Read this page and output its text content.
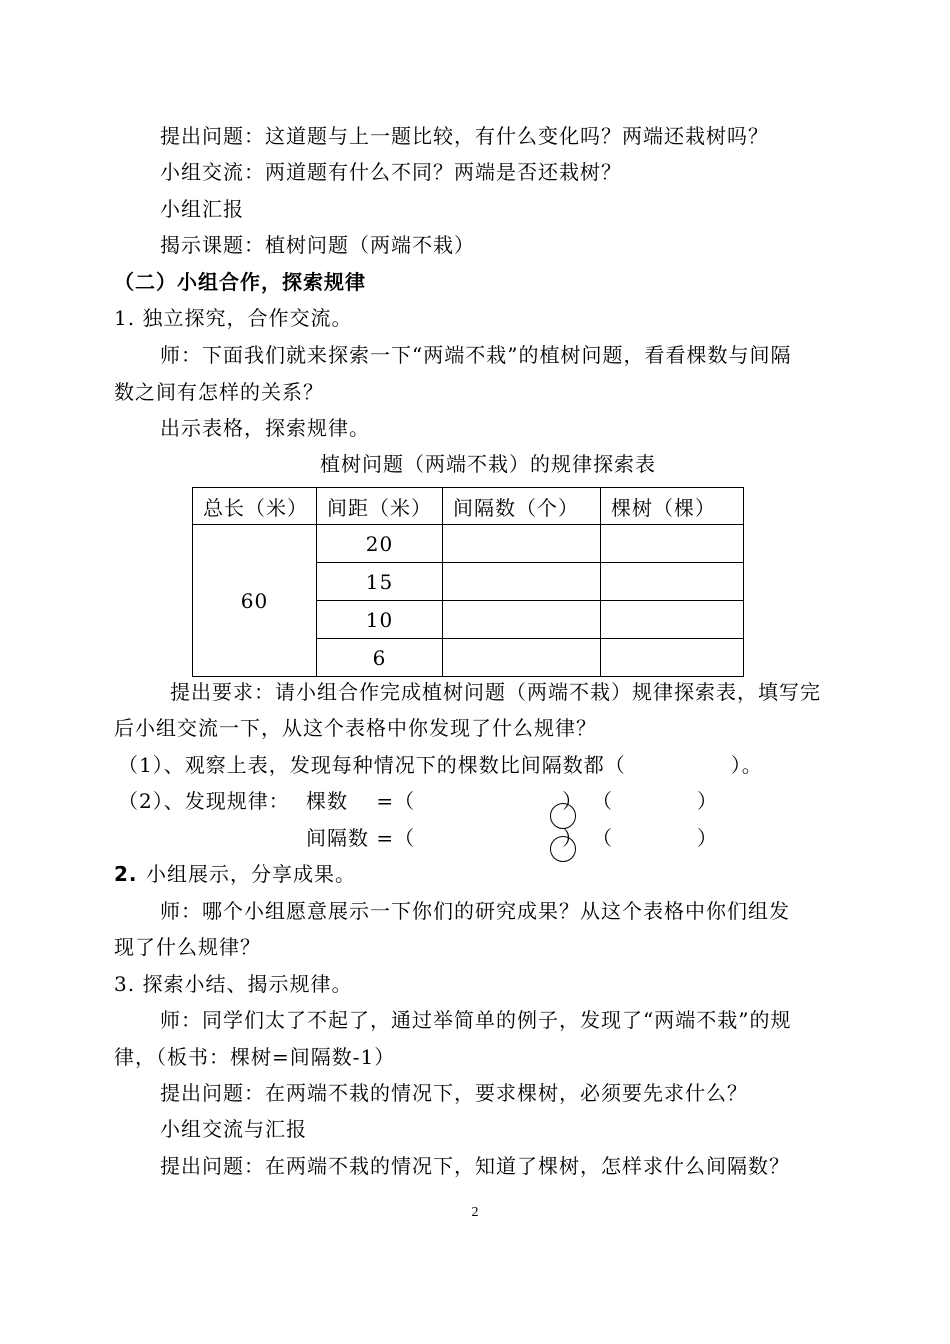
提出问题：这道题与上一题比较，有什么变化吗？两端还栽树吗？
小组交流：两道题有什么不同？两端是否还栽树？
小组汇报
揭示课题：植树问题（两端不栽）
（二）小组合作，探索规律
1. 独立探究，合作交流。
师：下面我们就来探索一下“两端不栽”的植树问题，看看棵数与间隔
数之间有怎样的关系？
出示表格，探索规律。
植树问题（两端不栽）的规律探索表
总长（米）	间距（米）	间隔数（个）	棵树（棵）
60	20		
	15		
	10		
	6		
提出要求：请小组合作完成植树问题（两端不栽）规律探索表，填写完
后小组交流一下，从这个表格中你发现了什么规律？
（1）、观察上表，发现每种情况下的棵数比间隔数都（　　　　　）。
（2）、发现规律： 棵数　 =（　　　　　　　） （　　　　）
间隔数 =（　　　　　　　） （　　　　）
2. 小组展示，分享成果。
师：哪个小组愿意展示一下你们的研究成果？从这个表格中你们组发
现了什么规律？
3. 探索小结、揭示规律。
师：同学们太了不起了，通过举简单的例子，发现了“两端不栽”的规
律，（板书：棵树=间隔数-1）
提出问题：在两端不栽的情况下，要求棵树，必须要先求什么？
小组交流与汇报
提出问题：在两端不栽的情况下，知道了棵树，怎样求什么间隔数？
2
